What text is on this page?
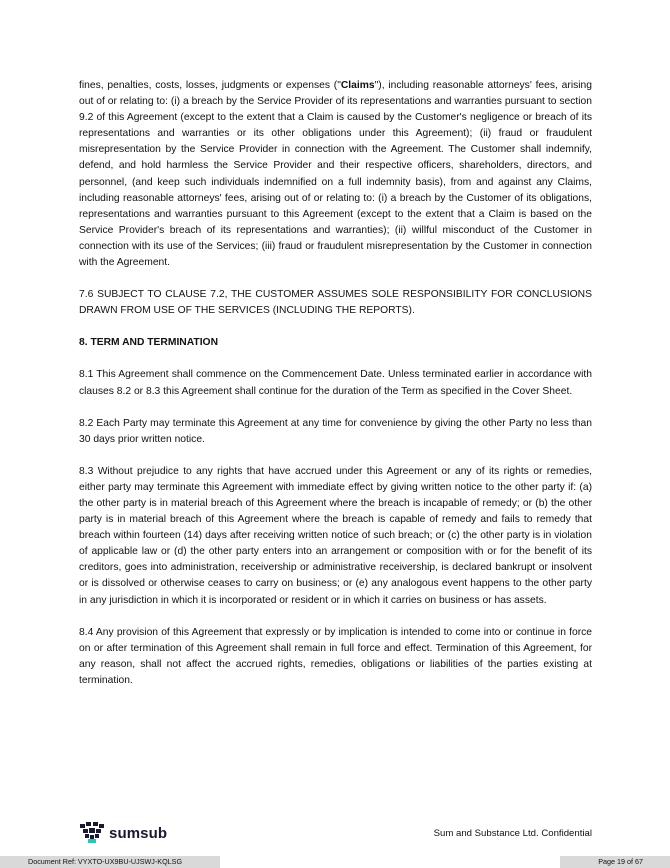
fines, penalties, costs, losses, judgments or expenses ("Claims"), including reasonable attorneys' fees, arising out of or relating to: (i) a breach by the Service Provider of its representations and warranties pursuant to section 9.2 of this Agreement (except to the extent that a Claim is caused by the Customer's negligence or breach of its representations and warranties or its other obligations under this Agreement); (ii) fraud or fraudulent misrepresentation by the Service Provider in connection with the Agreement. The Customer shall indemnify, defend, and hold harmless the Service Provider and their respective officers, shareholders, directors, and personnel, (and keep such individuals indemnified on a full indemnity basis), from and against any Claims, including reasonable attorneys' fees, arising out of or relating to: (i) a breach by the Customer of its obligations, representations and warranties pursuant to this Agreement (except to the extent that a Claim is based on the Service Provider's breach of its representations and warranties); (ii) willful misconduct of the Customer in connection with its use of the Services; (iii) fraud or fraudulent misrepresentation by the Customer in connection with the Agreement.

7.6 SUBJECT TO CLAUSE 7.2, THE CUSTOMER ASSUMES SOLE RESPONSIBILITY FOR CONCLUSIONS DRAWN FROM USE OF THE SERVICES (INCLUDING THE REPORTS).

8. TERM AND TERMINATION

8.1 This Agreement shall commence on the Commencement Date. Unless terminated earlier in accordance with clauses 8.2 or 8.3 this Agreement shall continue for the duration of the Term as specified in the Cover Sheet.

8.2 Each Party may terminate this Agreement at any time for convenience by giving the other Party no less than 30 days prior written notice.

8.3 Without prejudice to any rights that have accrued under this Agreement or any of its rights or remedies, either party may terminate this Agreement with immediate effect by giving written notice to the other party if: (a) the other party is in material breach of this Agreement where the breach is incapable of remedy; or (b) the other party is in material breach of this Agreement where the breach is capable of remedy and fails to remedy that breach within fourteen (14) days after receiving written notice of such breach; or (c) the other party is in violation of applicable law or (d) the other party enters into an arrangement or composition with or for the benefit of its creditors, goes into administration, receivership or administrative receivership, is declared bankrupt or insolvent or is dissolved or otherwise ceases to carry on business; or (e) any analogous event happens to the other party in any jurisdiction in which it is incorporated or resident or in which it carries on business or has assets.

8.4 Any provision of this Agreement that expressly or by implication is intended to come into or continue in force on or after termination of this Agreement shall remain in full force and effect. Termination of this Agreement, for any reason, shall not affect the accrued rights, remedies, obligations or liabilities of the parties existing at termination.

sumsub	Sum and Substance Ltd. Confidential
Document Ref: VYXTO-UX9BU-UJSWJ-KQLSG	Page 19 of 67
